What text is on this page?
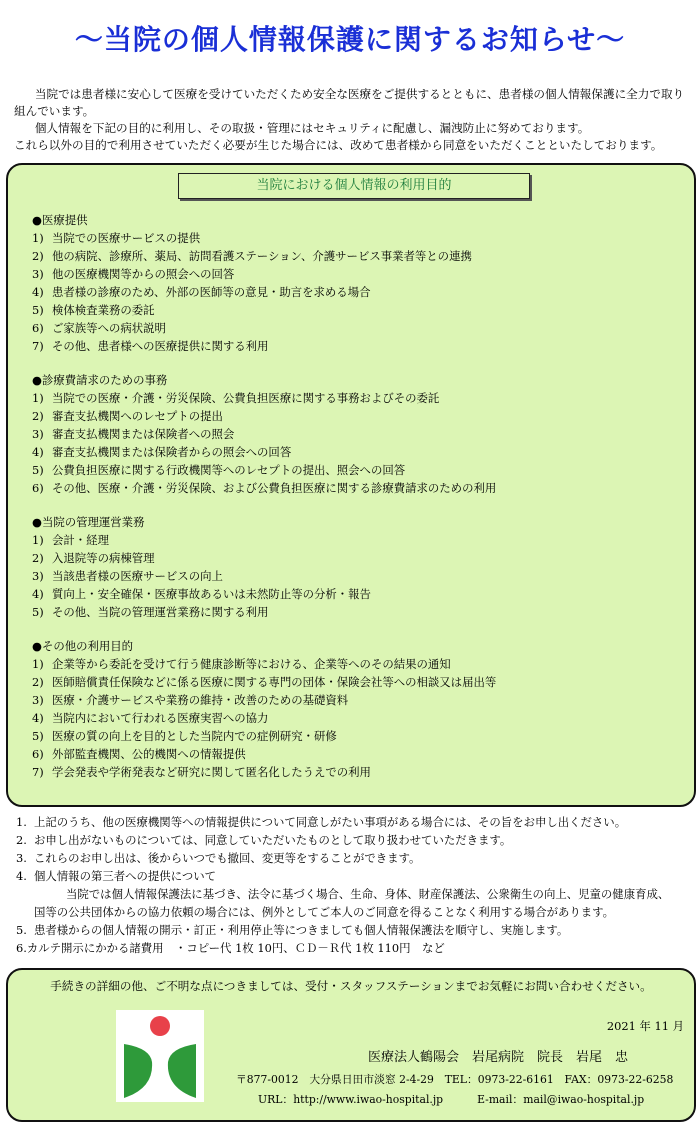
～当院の個人情報保護に関するお知らせ～

当院では患者様に安心して医療を受けていただくため安全な医療をご提供するとともに、患者様の個人情報保護に全力で取り組んでいます。

個人情報を下記の目的に利用し、その取扱・管理にはセキュリティに配慮し、漏洩防止に努めております。

これら以外の目的で利用させていただく必要が生じた場合には、改めて患者様から同意をいただくことといたしております。

当院における個人情報の利用目的
●医療提供
1) 当院での医療サービスの提供
2) 他の病院、診療所、薬局、訪問看護ステーション、介護サービス事業者等との連携
3) 他の医療機関等からの照会への回答
4) 患者様の診療のため、外部の医師等の意見・助言を求める場合
5) 検体検査業務の委託
6) ご家族等への病状説明
7) その他、患者様への医療提供に関する利用
●診療費請求のための事務
1) 当院での医療・介護・労災保険、公費負担医療に関する事務およびその委託
2) 審査支払機関へのレセプトの提出
3) 審査支払機関または保険者への照会
4) 審査支払機関または保険者からの照会への回答
5) 公費負担医療に関する行政機関等へのレセプトの提出、照会への回答
6) その他、医療・介護・労災保険、および公費負担医療に関する診療費請求のための利用
●当院の管理運営業務
1) 会計・経理
2) 入退院等の病棟管理
3) 当該患者様の医療サービスの向上
4) 質向上・安全確保・医療事故あるいは未然防止等の分析・報告
5) その他、当院の管理運営業務に関する利用
●その他の利用目的
1) 企業等から委託を受けて行う健康診断等における、企業等へのその結果の通知
2) 医師賠償責任保険などに係る医療に関する専門の団体・保険会社等への相談又は届出等
3) 医療・介護サービスや業務の維持・改善のための基礎資料
4) 当院内において行われる医療実習への協力
5) 医療の質の向上を目的とした当院内での症例研究・研修
6) 外部監査機関、公的機関への情報提供
7) 学会発表や学術発表など研究に関して匿名化したうえでの利用
1. 上記のうち、他の医療機関等への情報提供について同意しがたい事項がある場合には、その旨をお申し出ください。
2. お申し出がないものについては、同意していただいたものとして取り扱わせていただきます。
3. これらのお申し出は、後からいつでも撤回、変更等をすることができます。
4. 個人情報の第三者への提供について
当院では個人情報保護法に基づき、法令に基づく場合、生命、身体、財産保護法、公衆衛生の向上、児童の健康育成、
国等の公共団体からの協力依頼の場合には、例外としてご本人のご同意を得ることなく利用する場合があります。
5. 患者様からの個人情報の開示・訂正・利用停止等につきましても個人情報保護法を順守し、実施します。
6.カルテ開示にかかる諸費用　・コピー代 1枚 10円、ＣＤ－Ｒ代 1枚 110円　など
手続きの詳細の他、ご不明な点につきましては、受付・スタッフステーションまでお気軽にお問い合わせください。
2021 年 11 月
医療法人鶴陽会　岩尾病院　院長　岩尾　忠
〒877-0012　大分県日田市淡窓 2-4-29　TEL：0973-22-6161　FAX：0973-22-6258
URL：http://www.iwao-hospital.jp	E-mail：mail@iwao-hospital.jp
